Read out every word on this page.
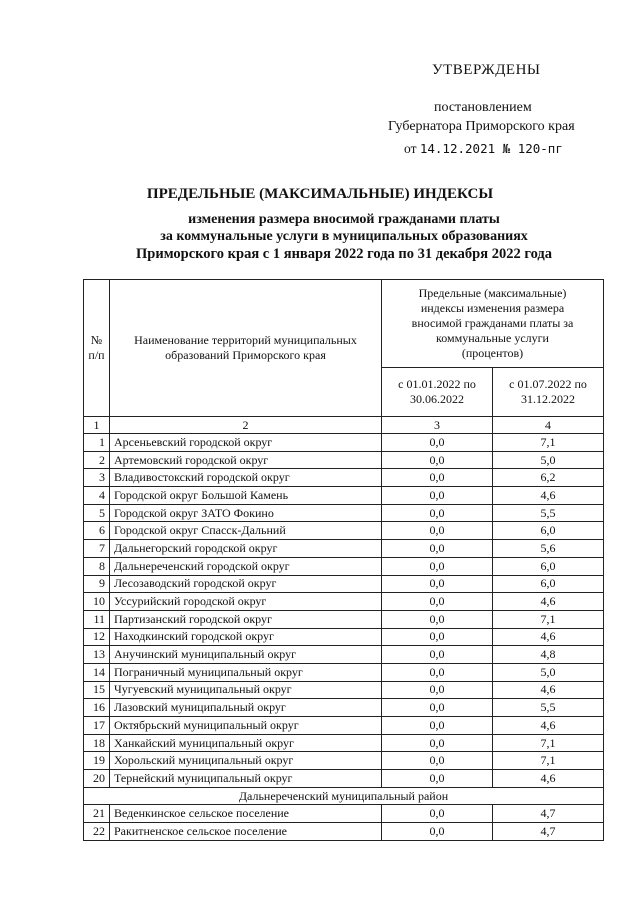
УТВЕРЖДЕНЫ
постановлением
Губернатора Приморского края
от 14.12.2021 № 120-пг
ПРЕДЕЛЬНЫЕ (МАКСИМАЛЬНЫЕ) ИНДЕКСЫ
изменения размера вносимой гражданами платы
за коммунальные услуги в муниципальных образованиях
Приморского края с 1 января 2022 года по 31 декабря 2022 года
№ п/п	Наименование территорий муниципальных образований Приморского края	Предельные (максимальные) индексы изменения размера вносимой гражданами платы за коммунальные услуги (процентов)	
		с 01.01.2022 по 30.06.2022	с 01.07.2022 по 31.12.2022
1	2	3	4
1	Арсеньевский городской округ	0,0	7,1
2	Артемовский городской округ	0,0	5,0
3	Владивостокский городской округ	0,0	6,2
4	Городской округ Большой Камень	0,0	4,6
5	Городской округ ЗАТО Фокино	0,0	5,5
6	Городской округ Спасск-Дальний	0,0	6,0
7	Дальнегорский городской округ	0,0	5,6
8	Дальнереченский городской округ	0,0	6,0
9	Лесозаводский городской округ	0,0	6,0
10	Уссурийский городской округ	0,0	4,6
11	Партизанский городской округ	0,0	7,1
12	Находкинский городской округ	0,0	4,6
13	Анучинский муниципальный округ	0,0	4,8
14	Пограничный муниципальный округ	0,0	5,0
15	Чугуевский муниципальный округ	0,0	4,6
16	Лазовский муниципальный округ	0,0	5,5
17	Октябрьский муниципальный округ	0,0	4,6
18	Ханкайский муниципальный округ	0,0	7,1
19	Хорольский муниципальный округ	0,0	7,1
20	Тернейский муниципальный округ	0,0	4,6
Дальнереченский муниципальный район			
21	Веденкинское сельское поселение	0,0	4,7
22	Ракитненское сельское поселение	0,0	4,7
